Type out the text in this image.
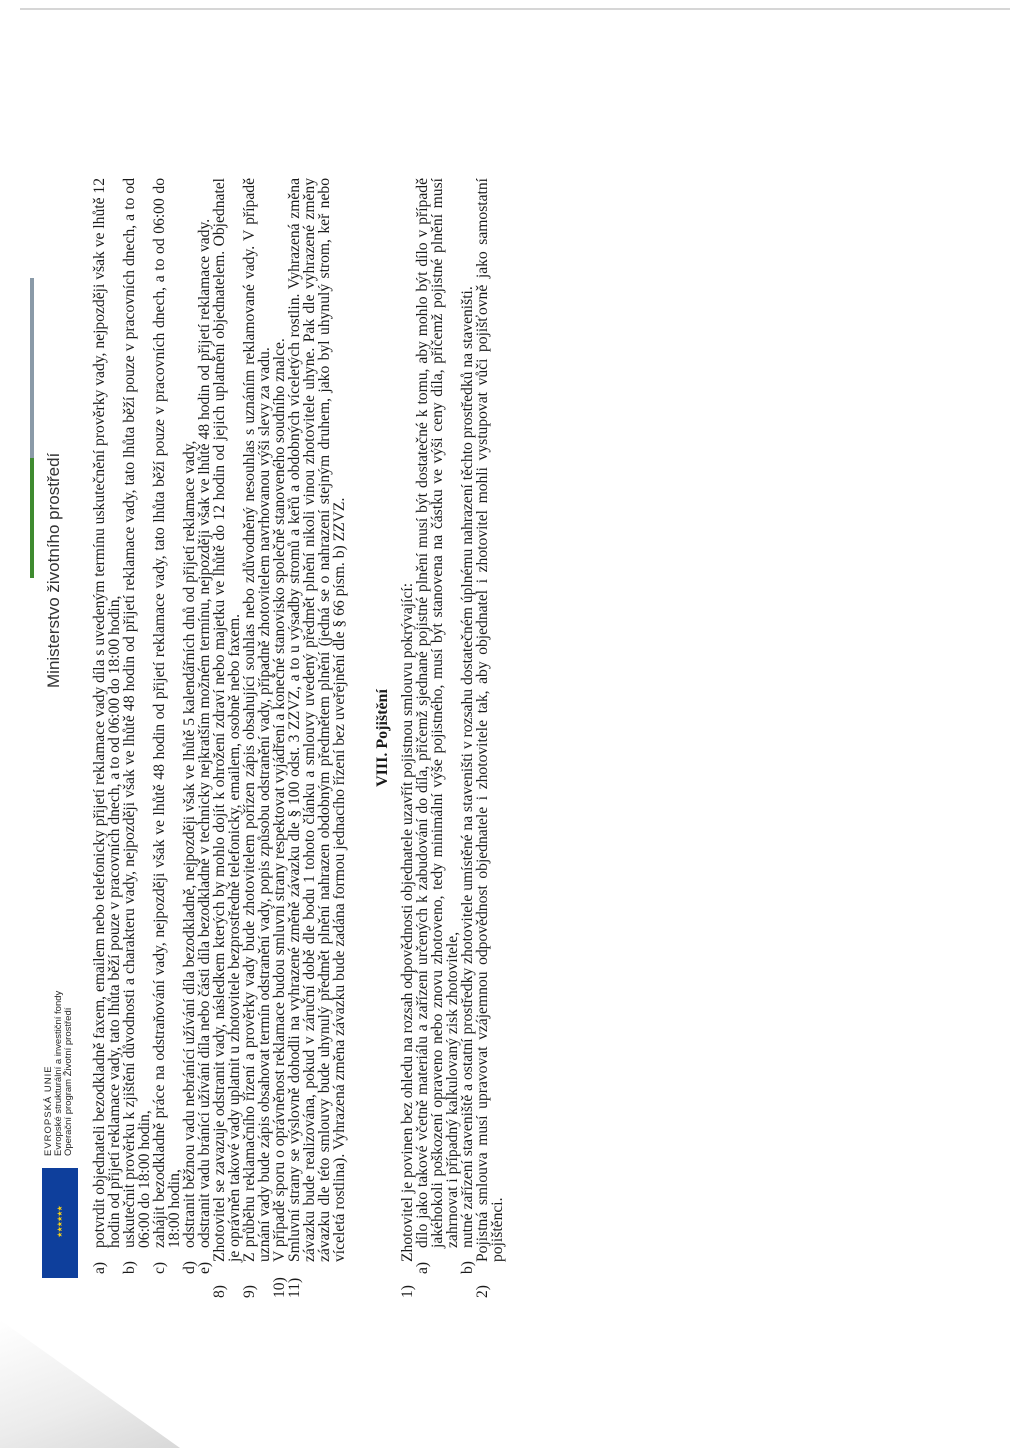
★★★★★★
EVROPSKÁ UNIE Evropské strukturální a investiční fondy Operační program Životní prostředí
Ministerstvo životního prostředí

a)
potvrdit objednateli bezodkladně faxem, emailem nebo telefonicky přijetí reklamace vady díla s uvedeným termínu uskutečnění prověrky vady, nejpozději však ve lhůtě 12 hodin od přijetí reklamace vady, tato lhůta běží pouze v pracovních dnech, a to od 06:00 do 18:00 hodin,

b)
uskutečnit prověrku k zjištění důvodnosti a charakteru vady, nejpozději však ve lhůtě 48 hodin od přijetí reklamace vady, tato lhůta běží pouze v pracovních dnech, a to od 06:00 do 18:00 hodin,

c)
zahájit bezodkladně práce na odstraňování vady, nejpozději však ve lhůtě 48 hodin od přijetí reklamace vady, tato lhůta běží pouze v pracovních dnech, a to od 06:00 do 18:00 hodin,

d)
odstranit běžnou vadu nebránící užívání díla bezodkladně, nejpozději však ve lhůtě 5 kalendářních dnů od přijetí reklamace vady,

e)
odstranit vadu bránící užívání díla nebo části díla bezodkladně v technicky nejkratším možném termínu, nejpozději však ve lhůtě 48 hodin od přijetí reklamace vady.

8)
Zhotovitel se zavazuje odstranit vady, následkem kterých by mohlo dojít k ohrožení zdraví nebo majetku ve lhůtě do 12 hodin od jejich uplatnění objednatelem. Objednatel je oprávněn takové vady uplatnit u zhotovitele bezprostředně telefonicky, emailem, osobně nebo faxem.

9)
Z průběhu reklamačního řízení a prověrky vady bude zhotovitelem pořízen zápis obsahující souhlas nebo zdůvodněný nesouhlas s uznáním reklamované vady. V případě uznání vady bude zápis obsahovat termín odstranění vady, popis způsobu odstranění vady, případně zhotovitelem navrhovanou výši slevy za vadu.

10)
V případě sporu o oprávněnost reklamace budou smluvní strany respektovat vyjádření a konečné stanovisko společně stanoveného soudního znalce.

11)
Smluvní strany se výslovně dohodli na vyhrazené změně závazku dle § 100 odst. 3 ZZVZ, a to u výsadby stromů a keřů a obdobných víceletých rostlin. Vyhrazená změna závazku bude realizována, pokud v záruční době dle bodu 1 tohoto článku a smlouvy uvedený předmět plnění nikoli vinou zhotovitele uhyne. Pak dle vyhrazené změny závazku dle této smlouvy bude uhynulý předmět plnění nahrazen obdobným předmětem plnění (jedná se o nahrazení stejným druhem, jako byl uhynulý strom, keř nebo víceletá rostlina). Vyhrazená změna závazku bude zadána formou jednacího řízení bez uveřejnění dle § 66 písm. b) ZZVZ. VIII. Pojištění

1)
Zhotovitel je povinen bez ohledu na rozsah odpovědnosti objednatele uzavřít pojistnou smlouvu pokrývající:

a)
dílo jako takové včetně materiálu a zařízení určených k zabudování do díla, přičemž sjednané pojistné plnění musí být dostatečné k tomu, aby mohlo být dílo v případě jakéhokoli poškození opraveno nebo znovu zhotoveno, tedy minimální výše pojistného, musí být stanovena na částku ve výši ceny díla, přičemž pojistné plnění musí zahrnovat i případný kalkulovaný zisk zhotovitele,

b)
nutné zařízení staveniště a ostatní prostředky zhotovitele umístěné na staveništi v rozsahu dostatečném úplnému nahrazení těchto prostředků na staveništi.

2)
Pojistná smlouva musí upravovat vzájemnou odpovědnost objednatele i zhotovitele tak, aby objednatel i zhotovitel mohli vystupovat vůči pojišťovně jako samostatní pojištěnci.
